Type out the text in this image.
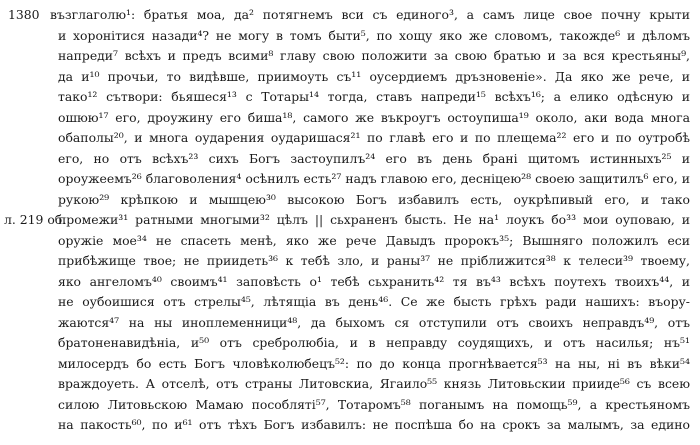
1380 възглаголю¹: братья моа, да² потягнемъ вси съ единого³, а самъ лице свое почну крыти
и хоронітися назади⁴? не могу в томъ быти⁵, по хощу яко же словомъ, такожде⁶ и дѣломъ
напреди⁷ всѣхъ и предъ всими⁸ главу свою положити за свою братью и за вся крестьяны⁹,
да и¹⁰ прочьи, то видѣвше, приимоуть съ¹¹ оусердиемъ дръзновеніе». Да яко же рече, и
тако¹² сътвори: бьяшеся¹³ с Тотары¹⁴ тогда, ставъ напреди¹⁵ всѣхъ¹⁶; а елико одѣсную и
ошюю¹⁷ его, дроужину его биша¹⁸, самого же въкроугъ остоупиша¹⁹ около, аки вода многа
обаполы²⁰, и многа оударения оударишася²¹ по главѣ его и по плещема²² его и по оутробѣ
его, но отъ всѣхъ²³ сихъ Богъ застоупилъ²⁴ его въ день брані щитомъ истинныхъ²⁵ и
ороужеемъ²⁶ благоволения⁴ осѣнилъ есть²⁷ надъ главою его, десніцею²⁸ своею защитилъ⁶ его, и
рукою²⁹ крѣпкою и мышцею³⁰ высокою Богъ избавилъ есть, оукрѣпивый его, и тако
л. 219 об.
промежи³¹ ратными многыми³² цѣлъ || сьхраненъ бысть. Не на¹ лоукъ бо³³ мои оуповаю, и
оружіе мое³⁴ не спасеть менѣ, яко же рече Давыдъ пророкъ³⁵; Вышняго положилъ еси
прибѣжище твое; не приидеть³⁶ к тебѣ зло, и раны³⁷ не пріближится³⁸ к телеси³⁹ твоему,
яко ангеломъ⁴⁰ своимъ⁴¹ заповѣсть о¹ тебѣ сьхранить⁴² тя въ⁴³ всѣхъ поутехъ твоихъ⁴⁴, и
не оубоишися отъ стрелы⁴⁵, лѣтящіа въ день⁴⁶. Се же бысть грѣхъ ради нашихъ: въору-
жаются⁴⁷ на ны иноплеменници⁴⁸, да быхомъ ся отступили отъ своихъ неправдъ⁴⁹, отъ
братоненавидѣніа, и⁵⁰ отъ сребролюбіа, и в неправду соудящихъ, и отъ насилья; нъ⁵¹
милосердъ бо есть Богъ чловѣколюбецъ⁵²: по до конца прогнѣвается⁵³ на ны, ні въ вѣки⁵⁴
враждоуеть. А отселѣ, отъ страны Литовскиа, Ягаило⁵⁵ князь Литовьскии прииде⁵⁶ съ всею
силою Литовьскою Мамаю пособляті⁵⁷, Тотаромъ⁵⁸ поганымъ на помощь⁵⁹, а крестьяномъ
на пакость⁶⁰, по и⁶¹ отъ тѣхъ Богъ избавилъ: не поспѣша бо на срокъ за малымъ, за едино
